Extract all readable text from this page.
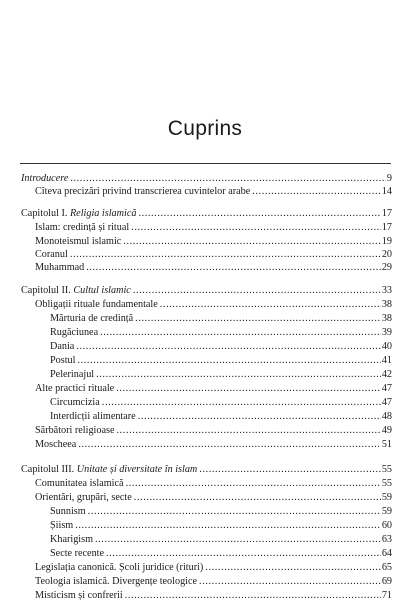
Cuprins
Introducere .....	9
Cîteva precizări privind transcrierea cuvintelor arabe .....	14
Capitolul I. Religia islamică .....	17
Islam: credință și ritual .....	17
Monoteismul islamic .....	19
Coranul .....	20
Muhammad .....	29
Capitolul II. Cultul islamic .....	33
Obligații rituale fundamentale .....	38
Mărturia de credință .....	38
Rugăciunea .....	39
Dania .....	40
Postul .....	41
Pelerinajul .....	42
Alte practici rituale .....	47
Circumcizia .....	47
Interdicții alimentare .....	48
Sărbători religioase .....	49
Moscheea .....	51
Capitolul III. Unitate și diversitate în islam .....	55
Comunitatea islamică .....	55
Orientări, grupări, secte .....	59
Sunnism .....	59
Șiism .....	60
Kharigism .....	63
Secte recente .....	64
Legislația canonică. Școli juridice (rituri) .....	65
Teologia islamică. Divergențe teologice .....	69
Misticism și confrerii .....	71
